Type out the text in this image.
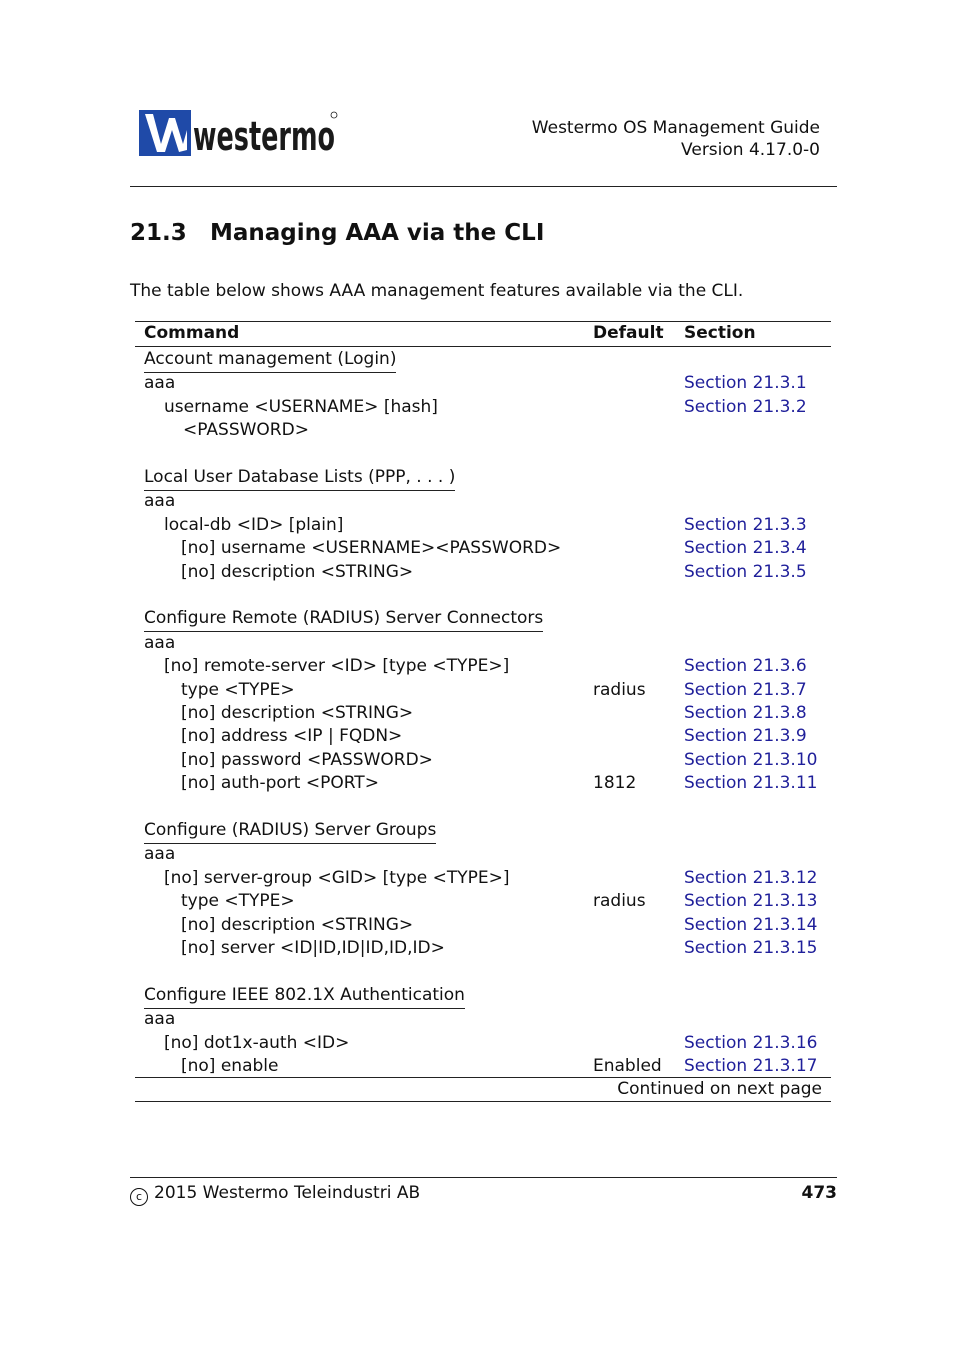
westermo	Westermo OS Management Guide
Version 4.17.0-0
21.3 Managing AAA via the CLI
The table below shows AAA management features available via the CLI.
Command	Default Section
Account management (Login)
aaa	Section 21.3.1
username <USERNAME> [hash]	Section 21.3.2
<PASSWORD>
Local User Database Lists (PPP, . . . )
aaa
local-db <ID> [plain]	Section 21.3.3
[no] username <USERNAME><PASSWORD>	Section 21.3.4
[no] description <STRING>	Section 21.3.5
Configure Remote (RADIUS) Server Connectors
aaa
[no] remote-server <ID> [type <TYPE>]	Section 21.3.6
type <TYPE>	radius Section 21.3.7
[no] description <STRING>	Section 21.3.8
[no] address <IP | FQDN>	Section 21.3.9
[no] password <PASSWORD>	Section 21.3.10
[no] auth-port <PORT>	1812	Section 21.3.11
Configure (RADIUS) Server Groups
aaa
[no] server-group <GID> [type <TYPE>]	Section 21.3.12
type <TYPE>	radius Section 21.3.13
[no] description <STRING>	Section 21.3.14
[no] server <ID|ID,ID|ID,ID,ID>	Section 21.3.15
Configure IEEE 802.1X Authentication
aaa
[no] dot1x-auth <ID>	Section 21.3.16
[no] enable	Enabled Section 21.3.17
Continued on next page
c 2015 Westermo Teleindustri AB	473
